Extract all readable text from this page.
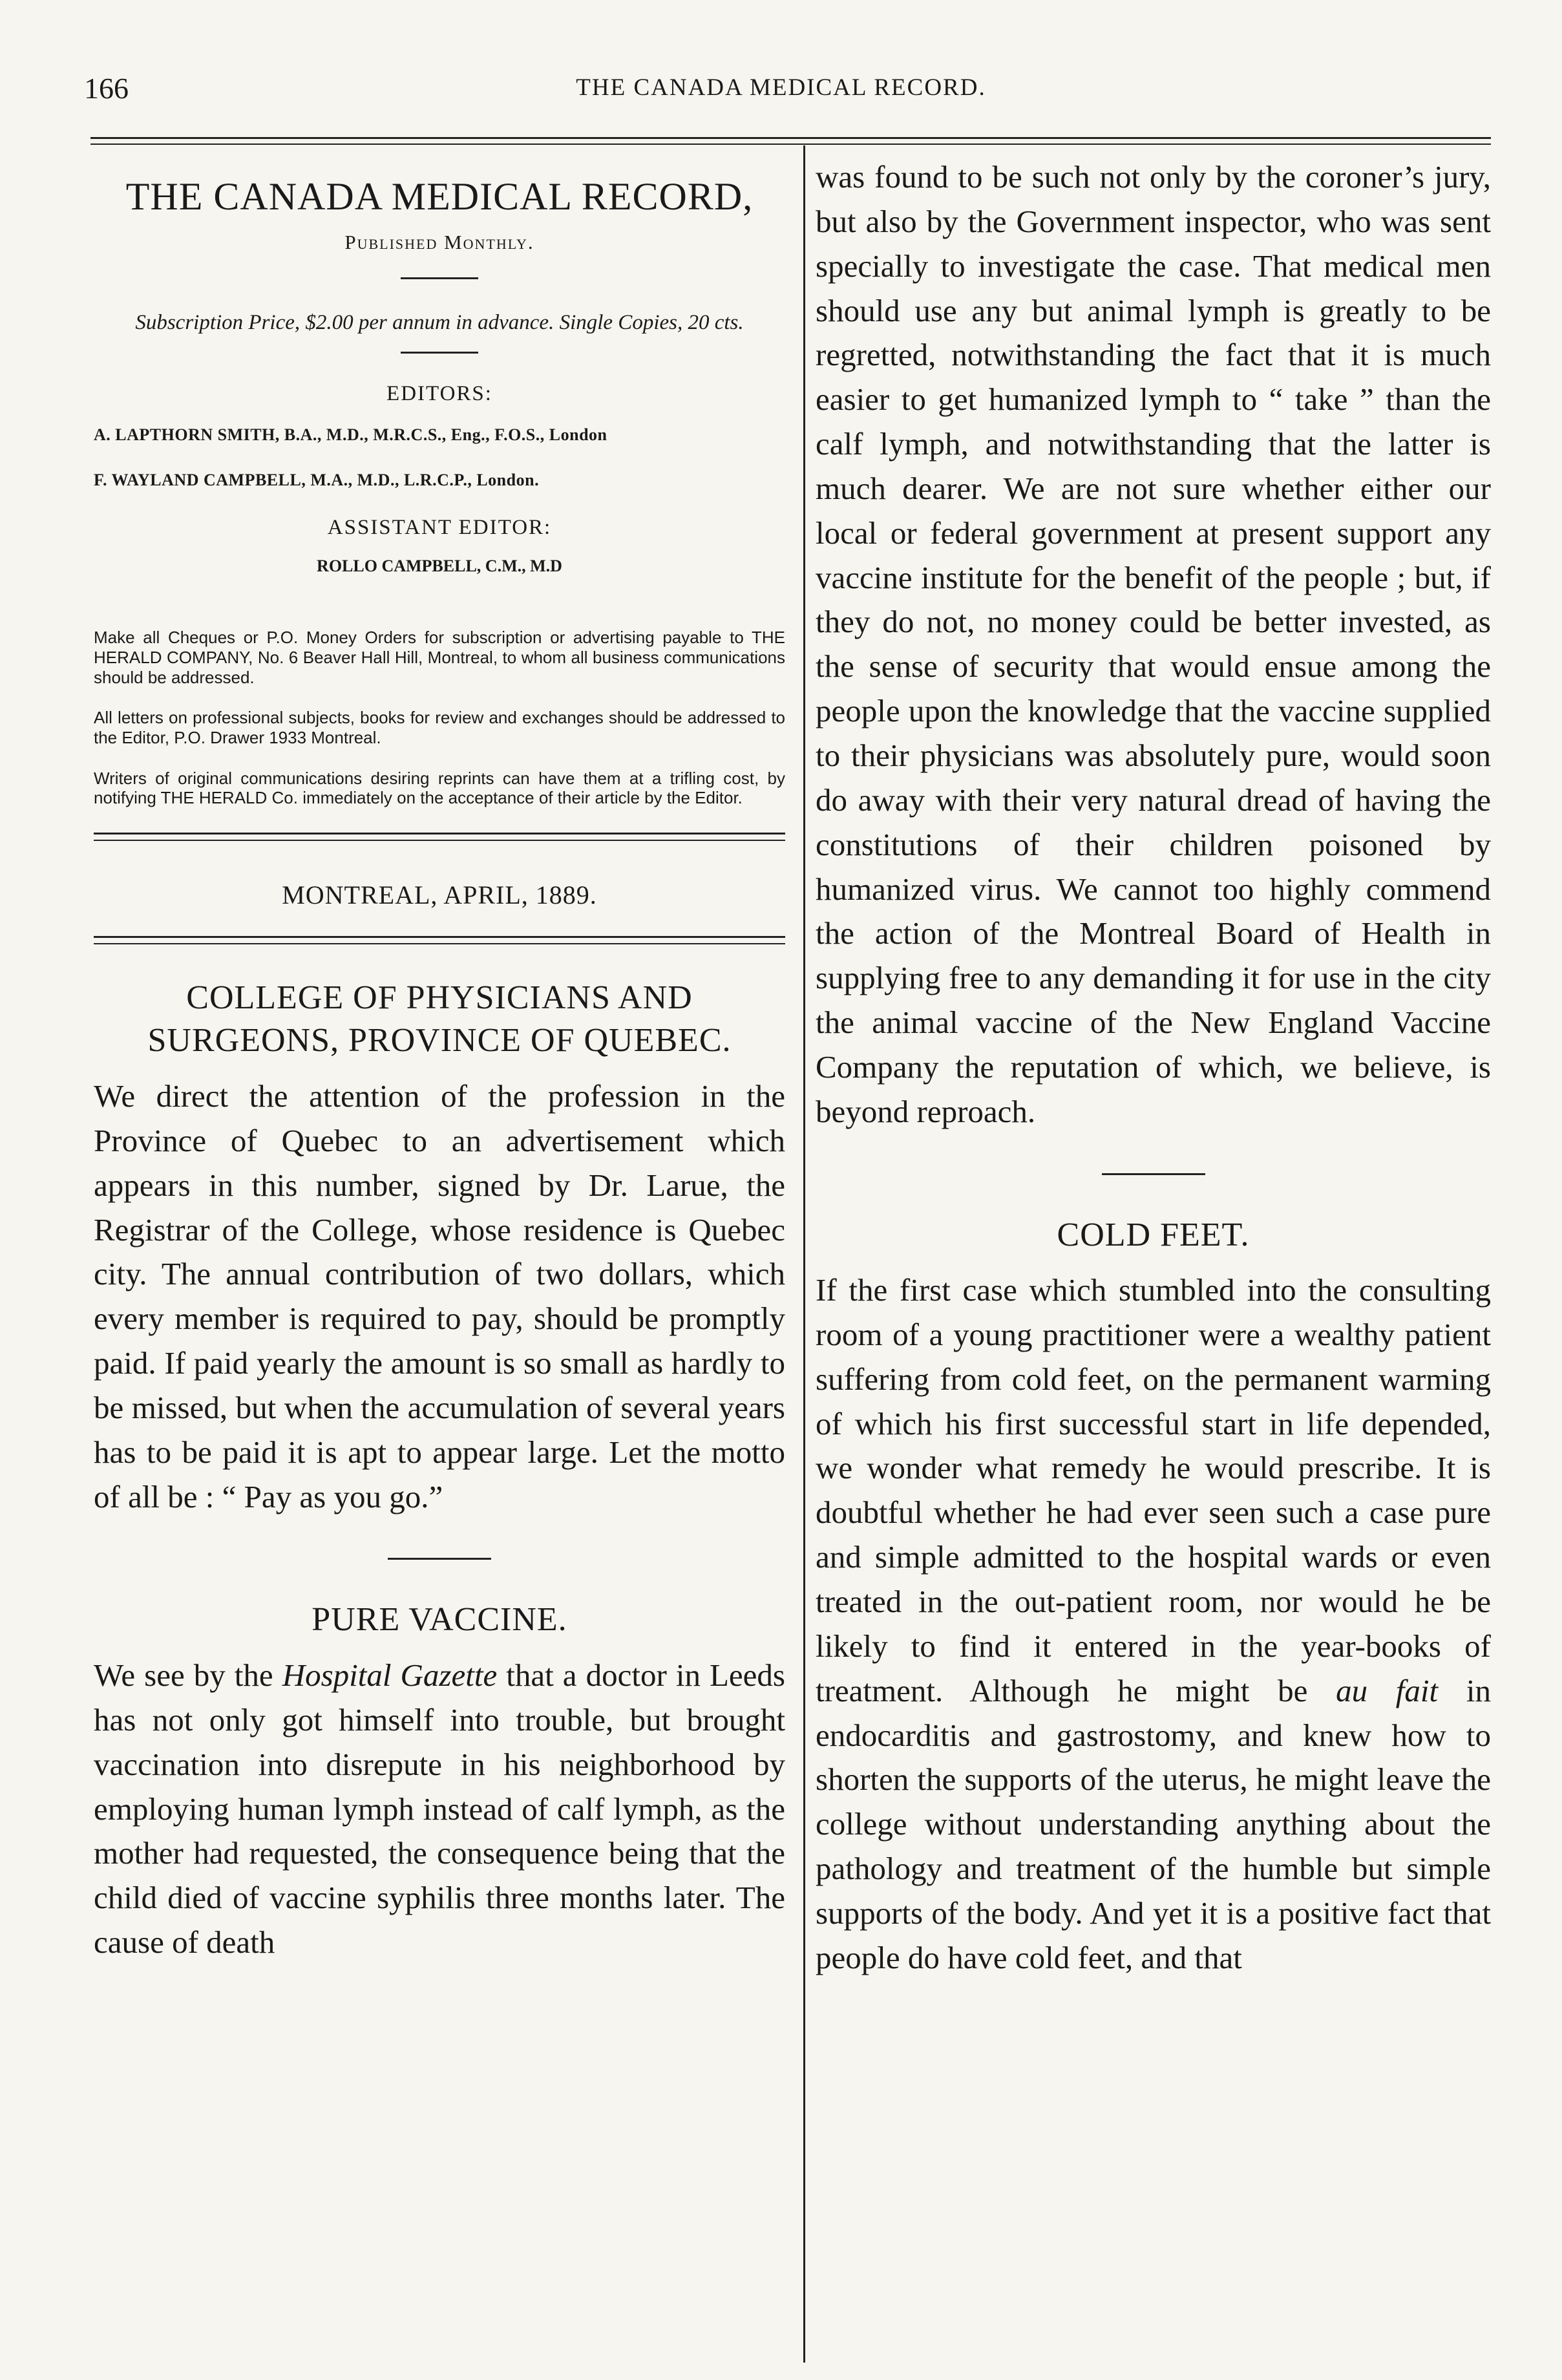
166	THE CANADA MEDICAL RECORD.
THE CANADA MEDICAL RECORD,
Published Monthly.
Subscription Price, $2.00 per annum in advance. Single Copies, 20 cts.
EDITORS:
A. LAPTHORN SMITH, B.A., M.D., M.R.C.S., Eng., F.O.S., London
F. WAYLAND CAMPBELL, M.A., M.D., L.R.C.P., London.
ASSISTANT EDITOR:
ROLLO CAMPBELL, C.M., M.D

Make all Cheques or P.O. Money Orders for subscription or advertising payable to THE HERALD COMPANY, No. 6 Beaver Hall Hill, Montreal, to whom all business communications should be addressed.

All letters on professional subjects, books for review and exchanges should be addressed to the Editor, P.O. Drawer 1933 Montreal.

Writers of original communications desiring reprints can have them at a trifling cost, by notifying THE HERALD Co. immediately on the acceptance of their article by the Editor.

MONTREAL, APRIL, 1889.
COLLEGE OF PHYSICIANS AND SURGEONS, PROVINCE OF QUEBEC.

We direct the attention of the profession in the Province of Quebec to an advertisement which appears in this number, signed by Dr. Larue, the Registrar of the College, whose residence is Quebec city. The annual contribution of two dollars, which every member is required to pay, should be promptly paid. If paid yearly the amount is so small as hardly to be missed, but when the accumulation of several years has to be paid it is apt to appear large. Let the motto of all be : “ Pay as you go.”

PURE VACCINE.

We see by the Hospital Gazette that a doctor in Leeds has not only got himself into trouble, but brought vaccination into disrepute in his neighborhood by employing human lymph instead of calf lymph, as the mother had requested, the consequence being that the child died of vaccine syphilis three months later. The cause of death

was found to be such not only by the coroner’s jury, but also by the Government inspector, who was sent specially to investigate the case. That medical men should use any but animal lymph is greatly to be regretted, notwithstanding the fact that it is much easier to get humanized lymph to “ take ” than the calf lymph, and notwithstanding that the latter is much dearer. We are not sure whether either our local or federal government at present support any vaccine institute for the benefit of the people ; but, if they do not, no money could be better invested, as the sense of security that would ensue among the people upon the knowledge that the vaccine supplied to their physicians was absolutely pure, would soon do away with their very natural dread of having the constitutions of their children poisoned by humanized virus. We cannot too highly commend the action of the Montreal Board of Health in supplying free to any demanding it for use in the city the animal vaccine of the New England Vaccine Company the reputation of which, we believe, is beyond reproach.

COLD FEET.

If the first case which stumbled into the consulting room of a young practitioner were a wealthy patient suffering from cold feet, on the permanent warming of which his first successful start in life depended, we wonder what remedy he would prescribe. It is doubtful whether he had ever seen such a case pure and simple admitted to the hospital wards or even treated in the out-patient room, nor would he be likely to find it entered in the year-books of treatment. Although he might be au fait in endocarditis and gastrostomy, and knew how to shorten the supports of the uterus, he might leave the college without understanding anything about the pathology and treatment of the humble but simple supports of the body. And yet it is a positive fact that people do have cold feet, and that
